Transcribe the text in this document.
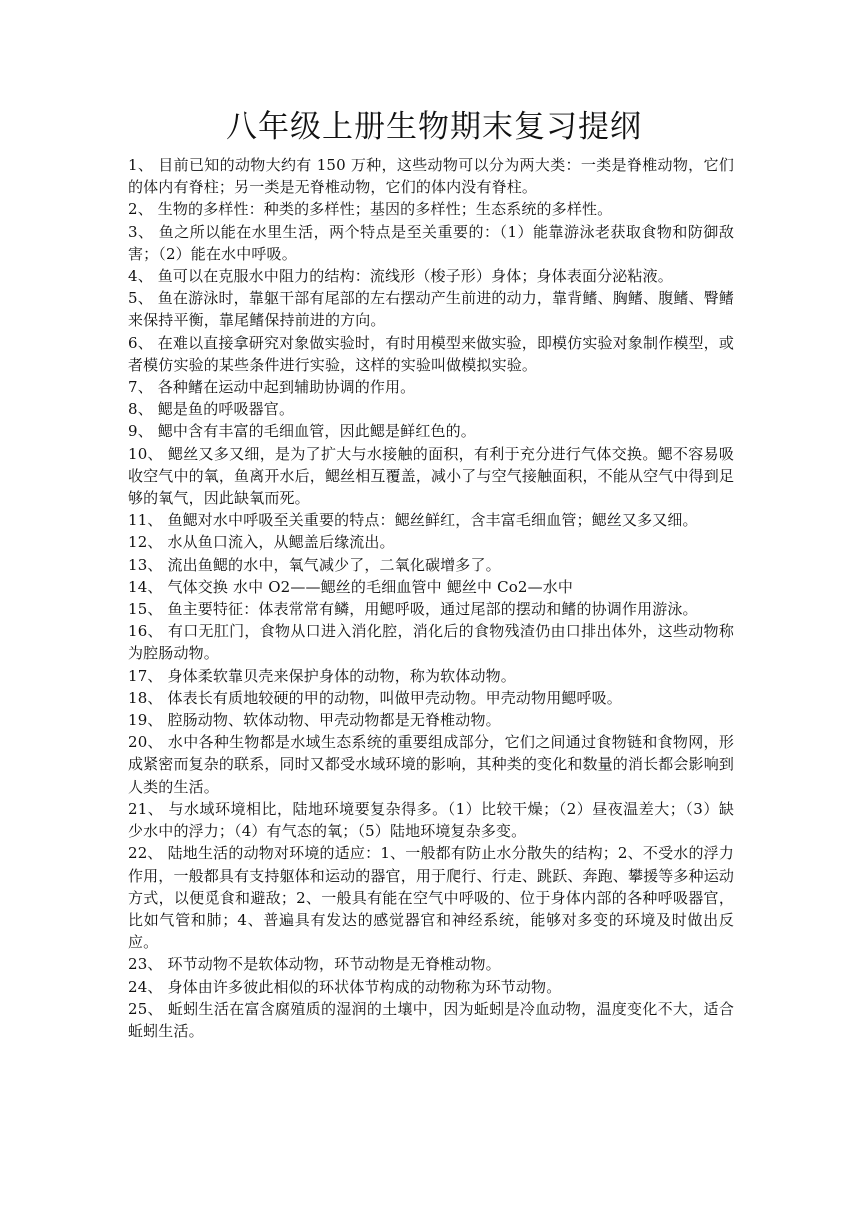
八年级上册生物期末复习提纲
1、 目前已知的动物大约有 150 万种，这些动物可以分为两大类：一类是脊椎动物，它们的体内有脊柱；另一类是无脊椎动物，它们的体内没有脊柱。
2、 生物的多样性：种类的多样性；基因的多样性；生态系统的多样性。
3、 鱼之所以能在水里生活，两个特点是至关重要的：（1）能靠游泳老获取食物和防御敌害；（2）能在水中呼吸。
4、 鱼可以在克服水中阻力的结构：流线形（梭子形）身体；身体表面分泌粘液。
5、 鱼在游泳时，靠躯干部有尾部的左右摆动产生前进的动力，靠背鳍、胸鳍、腹鳍、臀鳍来保持平衡，靠尾鳍保持前进的方向。
6、 在难以直接拿研究对象做实验时，有时用模型来做实验，即模仿实验对象制作模型，或者模仿实验的某些条件进行实验，这样的实验叫做模拟实验。
7、 各种鳍在运动中起到辅助协调的作用。
8、 鳃是鱼的呼吸器官。
9、 鳃中含有丰富的毛细血管，因此鳃是鲜红色的。
10、 鳃丝又多又细，是为了扩大与水接触的面积，有利于充分进行气体交换。鳃不容易吸收空气中的氧，鱼离开水后，鳃丝相互覆盖，减小了与空气接触面积，不能从空气中得到足够的氧气，因此缺氧而死。
11、 鱼鳃对水中呼吸至关重要的特点：鳃丝鲜红，含丰富毛细血管；鳃丝又多又细。
12、 水从鱼口流入，从鳃盖后缘流出。
13、 流出鱼鳃的水中，氧气减少了，二氧化碳增多了。
14、 气体交换 水中 O2——鳃丝的毛细血管中 鳃丝中 Co2—水中
15、 鱼主要特征：体表常常有鳞，用鳃呼吸，通过尾部的摆动和鳍的协调作用游泳。
16、 有口无肛门，食物从口进入消化腔，消化后的食物残渣仍由口排出体外，这些动物称为腔肠动物。
17、 身体柔软靠贝壳来保护身体的动物，称为软体动物。
18、 体表长有质地较硬的甲的动物，叫做甲壳动物。甲壳动物用鳃呼吸。
19、 腔肠动物、软体动物、甲壳动物都是无脊椎动物。
20、 水中各种生物都是水域生态系统的重要组成部分，它们之间通过食物链和食物网，形成紧密而复杂的联系，同时又都受水域环境的影响，其种类的变化和数量的消长都会影响到人类的生活。
21、 与水域环境相比，陆地环境要复杂得多。（1）比较干燥；（2）昼夜温差大；（3）缺少水中的浮力；（4）有气态的氧；（5）陆地环境复杂多变。
22、 陆地生活的动物对环境的适应：1、一般都有防止水分散失的结构；2、不受水的浮力作用，一般都具有支持躯体和运动的器官，用于爬行、行走、跳跃、奔跑、攀援等多种运动方式，以便觅食和避敌；2、一般具有能在空气中呼吸的、位于身体内部的各种呼吸器官，比如气管和肺；4、普遍具有发达的感觉器官和神经系统，能够对多变的环境及时做出反应。
23、 环节动物不是软体动物，环节动物是无脊椎动物。
24、 身体由许多彼此相似的环状体节构成的动物称为环节动物。
25、 蚯蚓生活在富含腐殖质的湿润的土壤中，因为蚯蚓是冷血动物，温度变化不大，适合蚯蚓生活。
